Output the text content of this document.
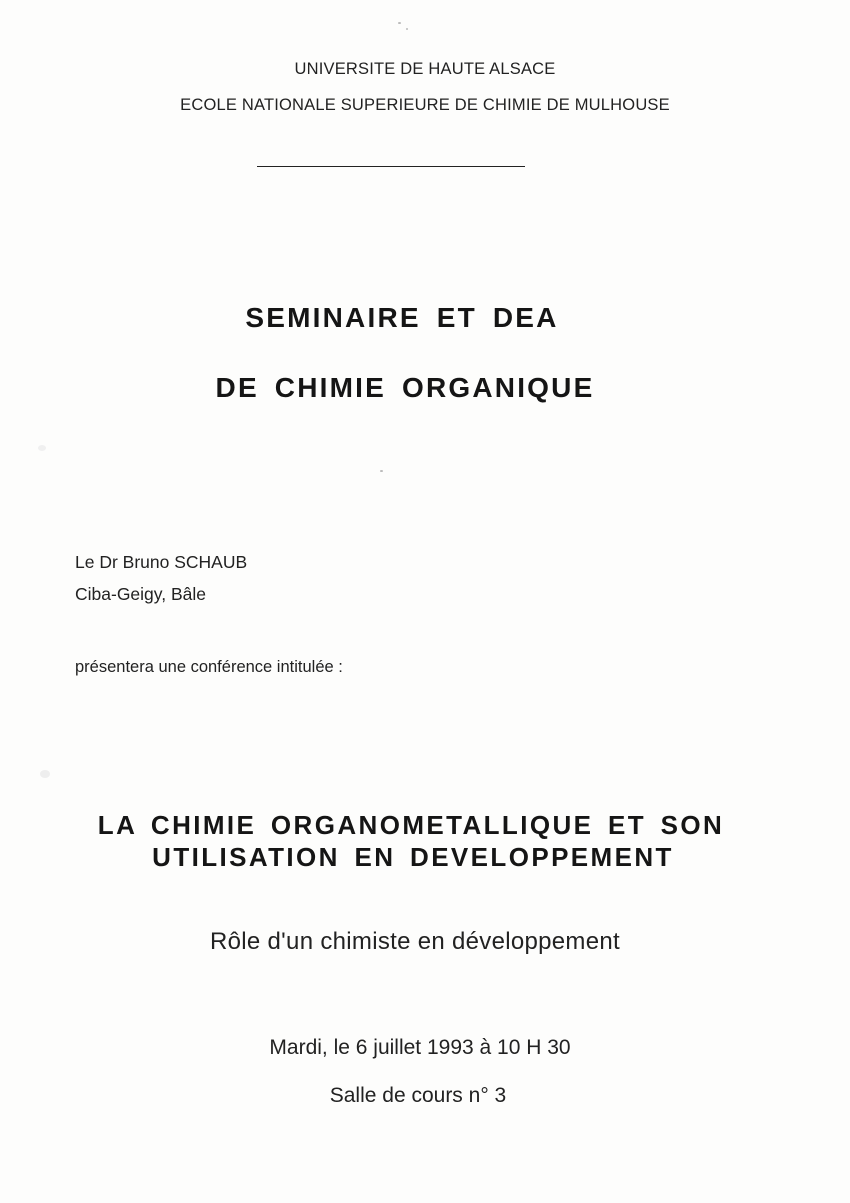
UNIVERSITE DE HAUTE ALSACE
ECOLE NATIONALE SUPERIEURE DE CHIMIE DE MULHOUSE
SEMINAIRE ET DEA
DE CHIMIE ORGANIQUE
Le Dr Bruno SCHAUB
Ciba-Geigy, Bâle
présentera une conférence intitulée :
LA CHIMIE ORGANOMETALLIQUE ET SON
UTILISATION EN DEVELOPPEMENT
Rôle d'un chimiste en développement
Mardi, le 6 juillet 1993 à 10 H 30
Salle de cours n° 3
